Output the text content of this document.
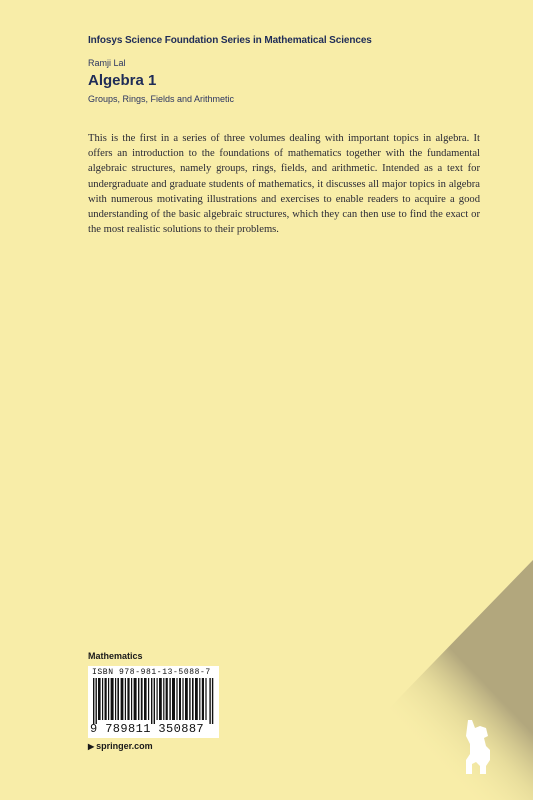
Infosys Science Foundation Series in Mathematical Sciences
Ramji Lal
Algebra 1
Groups, Rings, Fields and Arithmetic

This is the first in a series of three volumes dealing with important topics in algebra. It offers an introduction to the foundations of mathematics together with the fundamental algebraic structures, namely groups, rings, fields, and arithmetic. Intended as a text for undergraduate and graduate students of mathematics, it discusses all major topics in algebra with numerous motivating illustrations and exercises to enable readers to acquire a good understanding of the basic algebraic structures, which they can then use to find the exact or the most realistic solutions to their problems.

Mathematics
ISBN 978-981-13-5088-7
9 789811 350887
▶ springer.com
